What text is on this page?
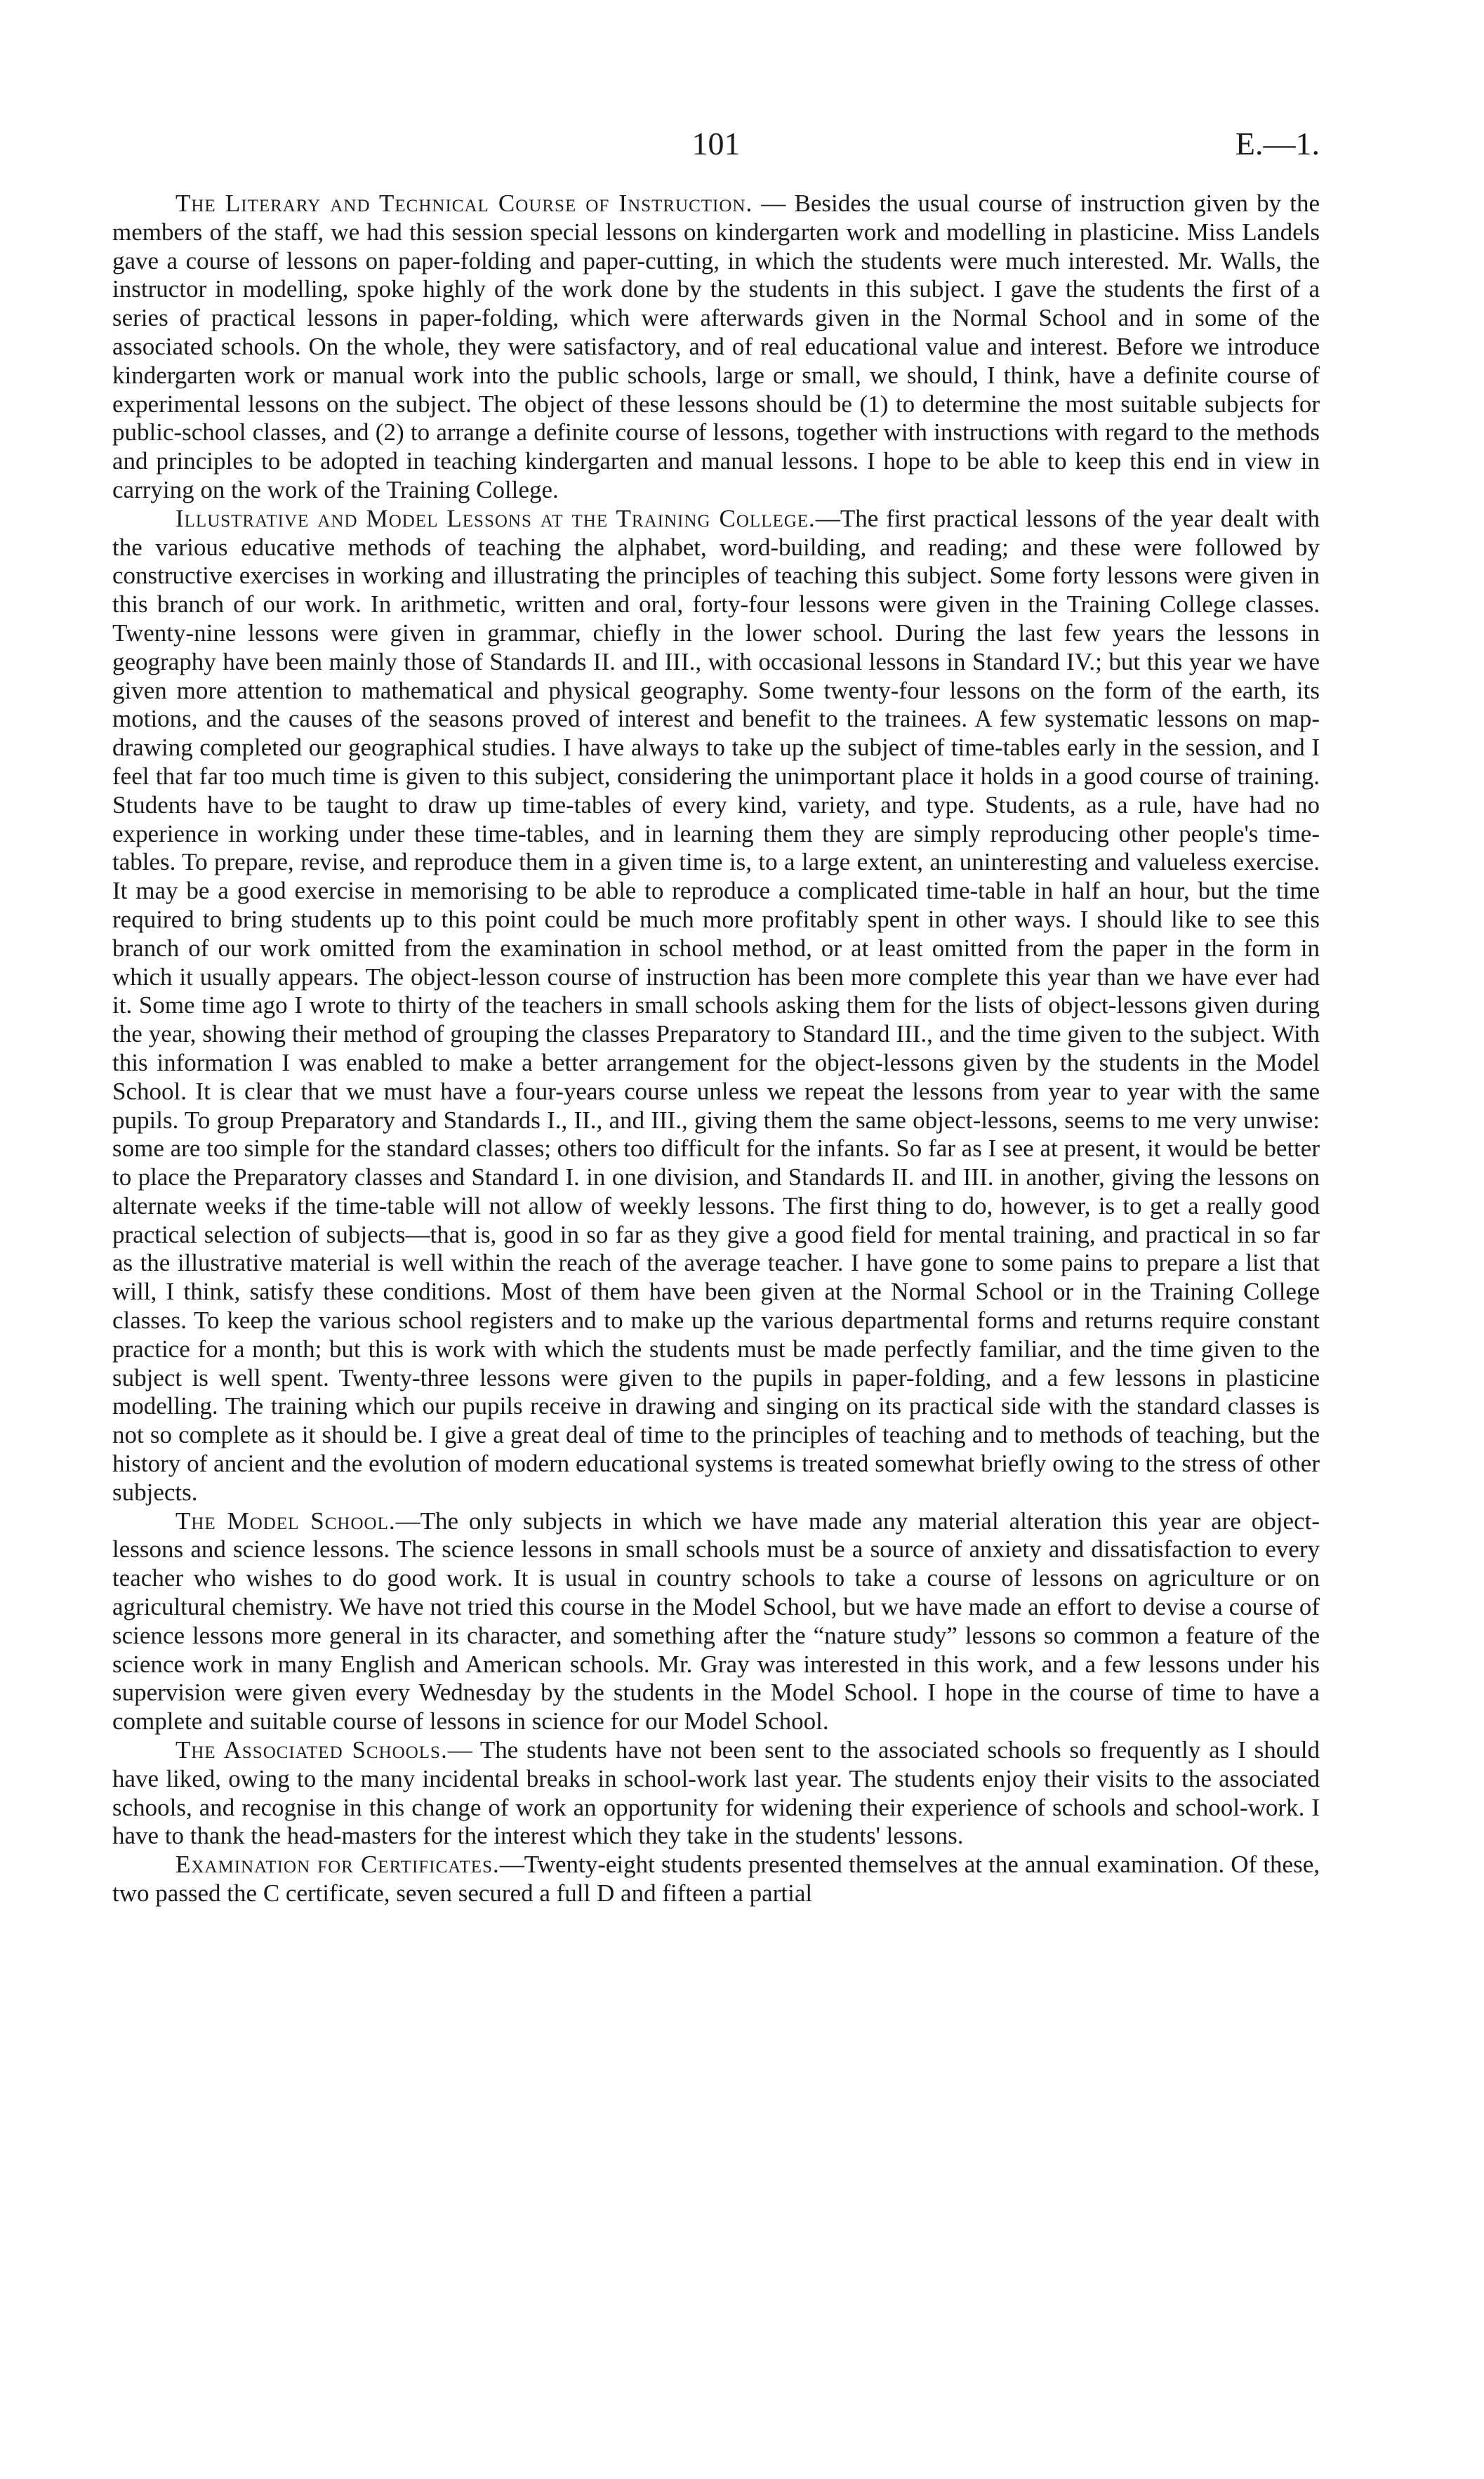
101	E.—1.

The Literary and Technical Course of Instruction. — Besides the usual course of instruction given by the members of the staff, we had this session special lessons on kindergarten work and modelling in plasticine. Miss Landels gave a course of lessons on paper-folding and paper-cutting, in which the students were much interested. Mr. Walls, the instructor in modelling, spoke highly of the work done by the students in this subject. I gave the students the first of a series of practical lessons in paper-folding, which were afterwards given in the Normal School and in some of the associated schools. On the whole, they were satisfactory, and of real educational value and interest. Before we introduce kindergarten work or manual work into the public schools, large or small, we should, I think, have a definite course of experimental lessons on the subject. The object of these lessons should be (1) to determine the most suitable subjects for public-school classes, and (2) to arrange a definite course of lessons, together with instructions with regard to the methods and principles to be adopted in teaching kindergarten and manual lessons. I hope to be able to keep this end in view in carrying on the work of the Training College.

Illustrative and Model Lessons at the Training College.—The first practical lessons of the year dealt with the various educative methods of teaching the alphabet, word-building, and reading; and these were followed by constructive exercises in working and illustrating the principles of teaching this subject. Some forty lessons were given in this branch of our work. In arithmetic, written and oral, forty-four lessons were given in the Training College classes. Twenty-nine lessons were given in grammar, chiefly in the lower school. During the last few years the lessons in geography have been mainly those of Standards II. and III., with occasional lessons in Standard IV.; but this year we have given more attention to mathematical and physical geography. Some twenty-four lessons on the form of the earth, its motions, and the causes of the seasons proved of interest and benefit to the trainees. A few systematic lessons on map-drawing completed our geographical studies. I have always to take up the subject of time-tables early in the session, and I feel that far too much time is given to this subject, considering the unimportant place it holds in a good course of training. Students have to be taught to draw up time-tables of every kind, variety, and type. Students, as a rule, have had no experience in working under these time-tables, and in learning them they are simply reproducing other people's time-tables. To prepare, revise, and reproduce them in a given time is, to a large extent, an uninteresting and valueless exercise. It may be a good exercise in memorising to be able to reproduce a complicated time-table in half an hour, but the time required to bring students up to this point could be much more profitably spent in other ways. I should like to see this branch of our work omitted from the examination in school method, or at least omitted from the paper in the form in which it usually appears. The object-lesson course of instruction has been more complete this year than we have ever had it. Some time ago I wrote to thirty of the teachers in small schools asking them for the lists of object-lessons given during the year, showing their method of grouping the classes Preparatory to Standard III., and the time given to the subject. With this information I was enabled to make a better arrangement for the object-lessons given by the students in the Model School. It is clear that we must have a four-years course unless we repeat the lessons from year to year with the same pupils. To group Preparatory and Standards I., II., and III., giving them the same object-lessons, seems to me very unwise: some are too simple for the standard classes; others too difficult for the infants. So far as I see at present, it would be better to place the Preparatory classes and Standard I. in one division, and Standards II. and III. in another, giving the lessons on alternate weeks if the time-table will not allow of weekly lessons. The first thing to do, however, is to get a really good practical selection of subjects—that is, good in so far as they give a good field for mental training, and practical in so far as the illustrative material is well within the reach of the average teacher. I have gone to some pains to prepare a list that will, I think, satisfy these conditions. Most of them have been given at the Normal School or in the Training College classes. To keep the various school registers and to make up the various departmental forms and returns require constant practice for a month; but this is work with which the students must be made perfectly familiar, and the time given to the subject is well spent. Twenty-three lessons were given to the pupils in paper-folding, and a few lessons in plasticine modelling. The training which our pupils receive in drawing and singing on its practical side with the standard classes is not so complete as it should be. I give a great deal of time to the principles of teaching and to methods of teaching, but the history of ancient and the evolution of modern educational systems is treated somewhat briefly owing to the stress of other subjects.

The Model School.—The only subjects in which we have made any material alteration this year are object-lessons and science lessons. The science lessons in small schools must be a source of anxiety and dissatisfaction to every teacher who wishes to do good work. It is usual in country schools to take a course of lessons on agriculture or on agricultural chemistry. We have not tried this course in the Model School, but we have made an effort to devise a course of science lessons more general in its character, and something after the “nature study” lessons so common a feature of the science work in many English and American schools. Mr. Gray was interested in this work, and a few lessons under his supervision were given every Wednesday by the students in the Model School. I hope in the course of time to have a complete and suitable course of lessons in science for our Model School.

The Associated Schools.— The students have not been sent to the associated schools so frequently as I should have liked, owing to the many incidental breaks in school-work last year. The students enjoy their visits to the associated schools, and recognise in this change of work an opportunity for widening their experience of schools and school-work. I have to thank the head-masters for the interest which they take in the students' lessons.

Examination for Certificates.—Twenty-eight students presented themselves at the annual examination. Of these, two passed the C certificate, seven secured a full D and fifteen a partial
